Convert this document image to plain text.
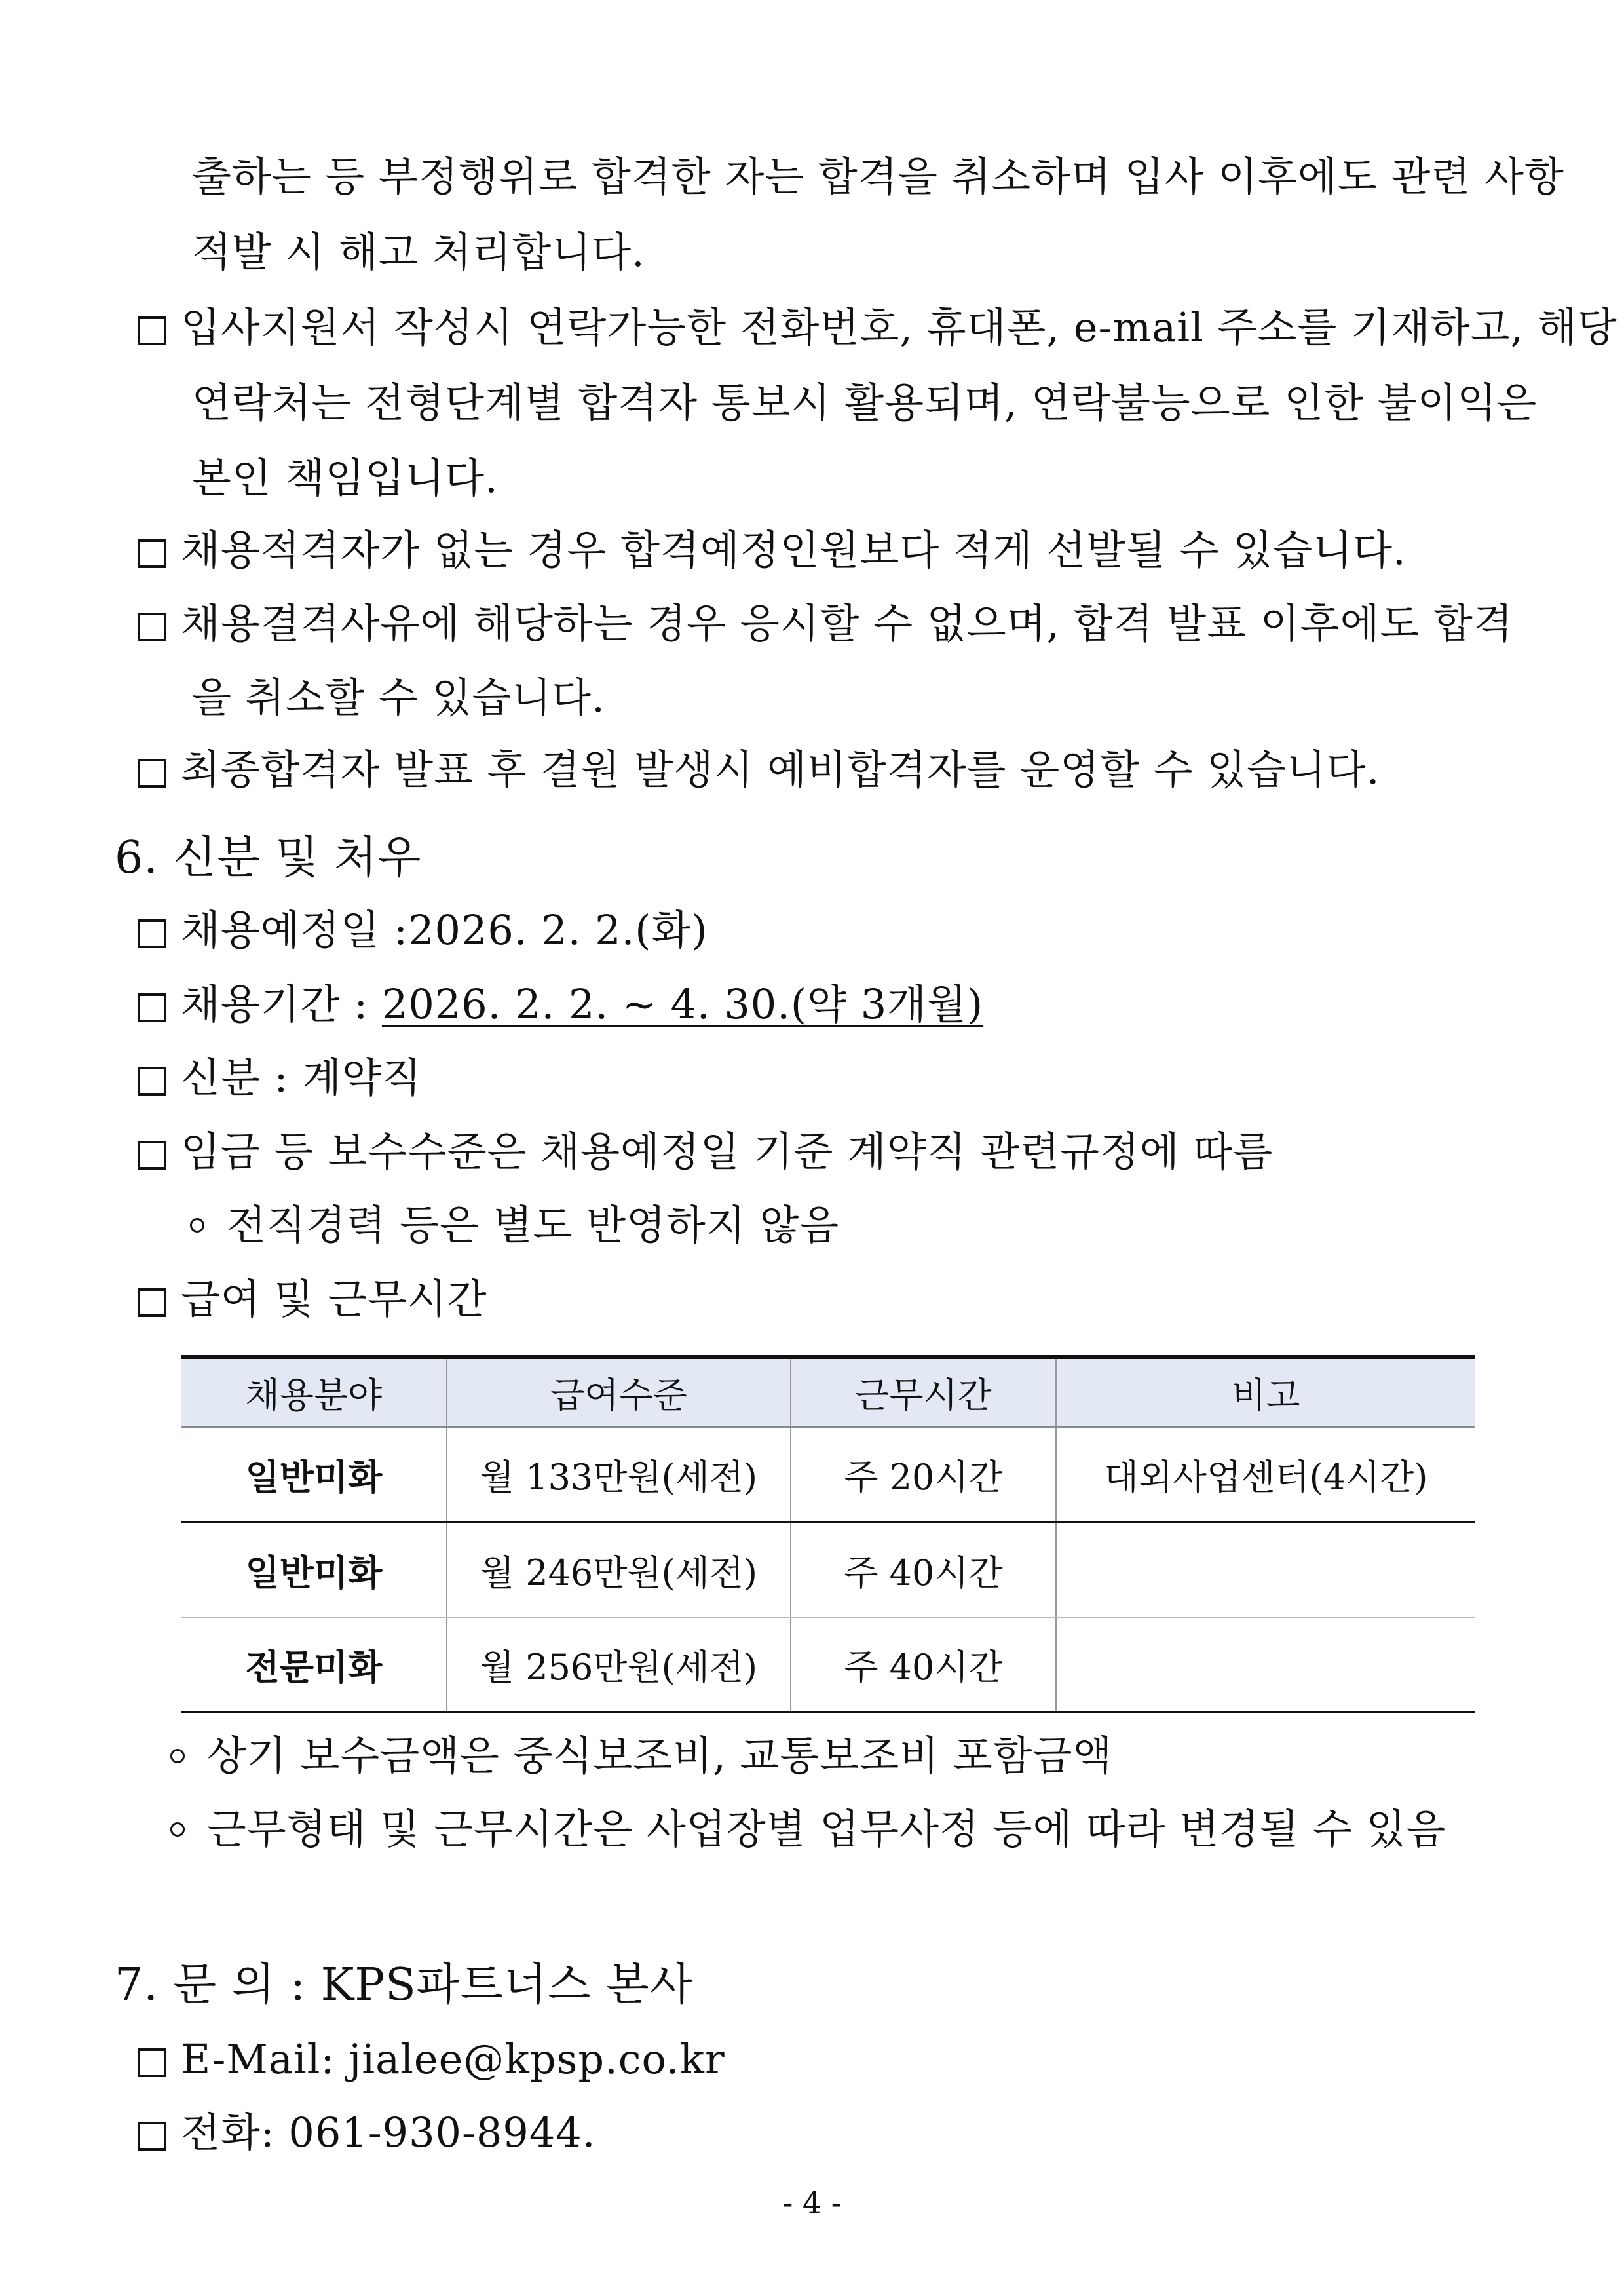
출하는 등 부정행위로 합격한 자는 합격을 취소하며 입사 이후에도 관련 사항
적발 시 해고 처리합니다.
입사지원서 작성시 연락가능한 전화번호, 휴대폰, e-mail 주소를 기재하고, 해당
연락처는 전형단계별 합격자 통보시 활용되며, 연락불능으로 인한 불이익은
본인 책임입니다.
채용적격자가 없는 경우 합격예정인원보다 적게 선발될 수 있습니다.
채용결격사유에 해당하는 경우 응시할 수 없으며, 합격 발표 이후에도 합격
을 취소할 수 있습니다.
최종합격자 발표 후 결원 발생시 예비합격자를 운영할 수 있습니다.
6. 신분 및 처우
채용예정일 :2026. 2. 2.(화)
채용기간 : 2026. 2. 2. ~ 4. 30.(약 3개월)
신분 : 계약직
임금 등 보수수준은 채용예정일 기준 계약직 관련규정에 따름
전직경력 등은 별도 반영하지 않음
급여 및 근무시간
채용분야	급여수준	근무시간	비고
일반미화	월 133만원(세전)	주 20시간	대외사업센터(4시간)
일반미화	월 246만원(세전)	주 40시간	
전문미화	월 256만원(세전)	주 40시간	
상기 보수금액은 중식보조비, 교통보조비 포함금액
근무형태 및 근무시간은 사업장별 업무사정 등에 따라 변경될 수 있음
7. 문 의 : KPS파트너스 본사
E-Mail: jialee@kpsp.co.kr
전화: 061-930-8944.
- 4 -
